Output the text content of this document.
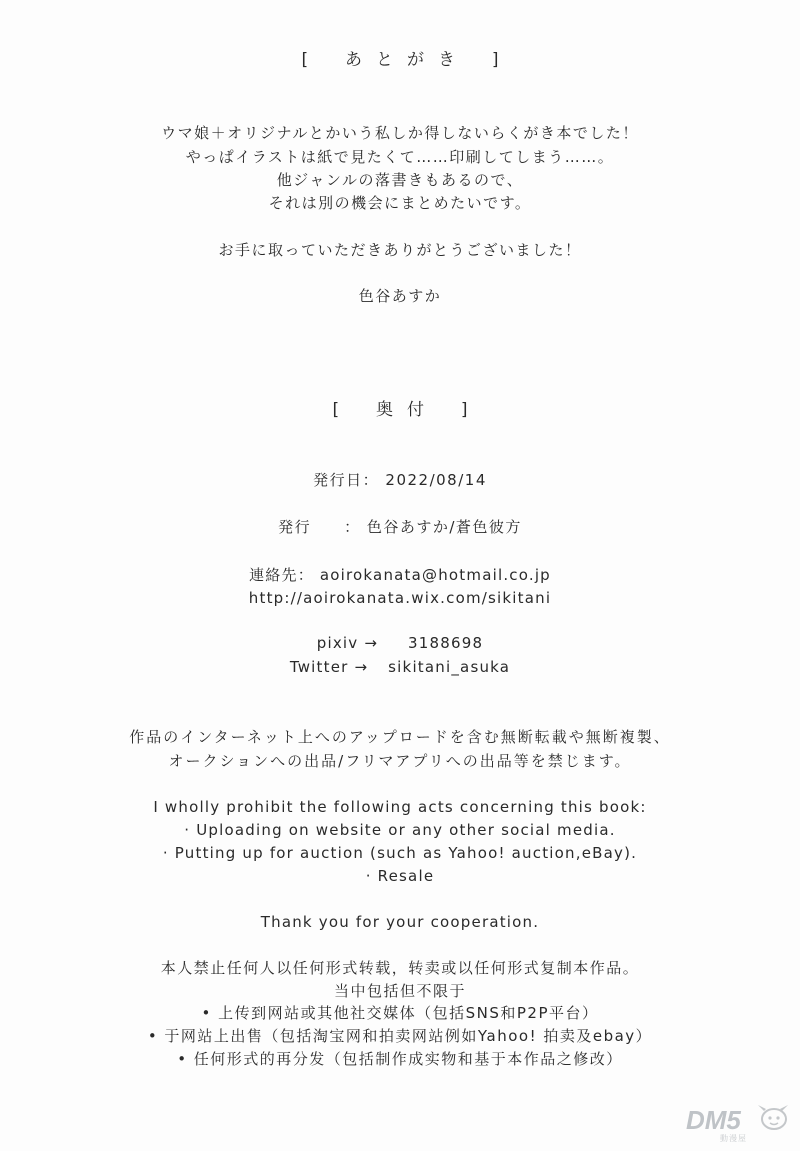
[ あとがき ]
ウマ娘＋オリジナルとかいう私しか得しないらくがき本でした！
やっぱイラストは紙で見たくて……印刷してしまう……。
他ジャンルの落書きもあるので、
それは別の機会にまとめたいです。
お手に取っていただきありがとうございました！
色谷あすか
[ 奥付 ]
発行日： 2022/08/14
発行　　： 色谷あすか/蒼色彼方
連絡先： aoirokanata@hotmail.co.jp
http://aoirokanata.wix.com/sikitani
pixiv → 3188698
Twitter → sikitani_asuka
作品のインターネット上へのアップロードを含む無断転載や無断複製、
オークションへの出品/フリマアプリへの出品等を禁じます。
I wholly prohibit the following acts concerning this book:
· Uploading on website or any other social media.
· Putting up for auction (such as Yahoo! auction,eBay).
· Resale
Thank you for your cooperation.
本人禁止任何人以任何形式转载，转卖或以任何形式复制本作品。
当中包括但不限于
• 上传到网站或其他社交媒体（包括SNS和P2P平台）
• 于网站上出售（包括淘宝网和拍卖网站例如Yahoo! 拍卖及ebay）
• 任何形式的再分发（包括制作成实物和基于本作品之修改）
DM5
動漫屋
